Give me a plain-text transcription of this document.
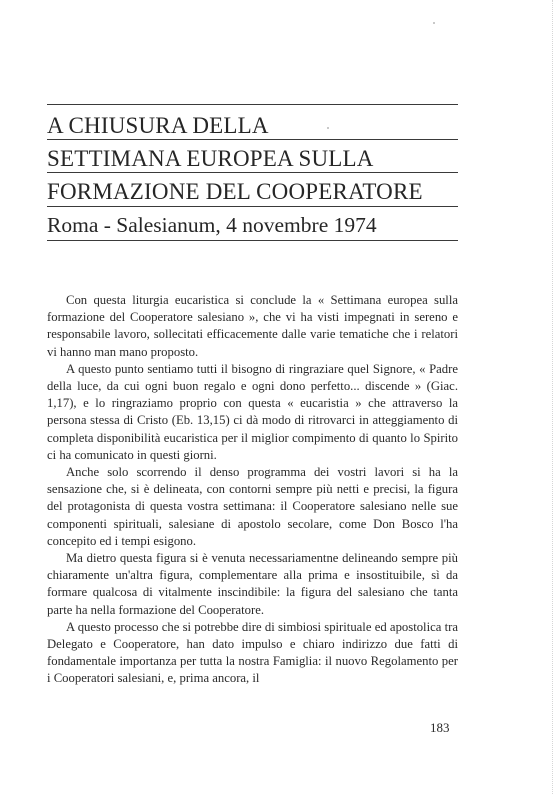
A CHIUSURA DELLA
SETTIMANA EUROPEA SULLA
FORMAZIONE DEL COOPERATORE
Roma - Salesianum, 4 novembre 1974

Con questa liturgia eucaristica si conclude la « Settimana europea sulla formazione del Cooperatore salesiano », che vi ha visti impegnati in sereno e responsabile lavoro, sollecitati efficacemente dalle varie tematiche che i relatori vi hanno man mano proposto.

A questo punto sentiamo tutti il bisogno di ringraziare quel Signore, « Padre della luce, da cui ogni buon regalo e ogni dono perfetto... discende » (Giac. 1,17), e lo ringraziamo proprio con questa « eucaristia » che attraverso la persona stessa di Cristo (Eb. 13,15) ci dà modo di ritrovarci in atteggiamento di completa disponibilità eucaristica per il miglior compimento di quanto lo Spirito ci ha comunicato in questi giorni.

Anche solo scorrendo il denso programma dei vostri lavori si ha la sensazione che, si è delineata, con contorni sempre più netti e precisi, la figura del protagonista di questa vostra settimana: il Cooperatore salesiano nelle sue componenti spirituali, salesiane di apostolo secolare, come Don Bosco l'ha concepito ed i tempi esigono.

Ma dietro questa figura si è venuta necessariamentne delineando sempre più chiaramente un'altra figura, complementare alla prima e insostituibile, sì da formare qualcosa di vitalmente inscindibile: la figura del salesiano che tanta parte ha nella formazione del Cooperatore.

A questo processo che si potrebbe dire di simbiosi spirituale ed apostolica tra Delegato e Cooperatore, han dato impulso e chiaro indirizzo due fatti di fondamentale importanza per tutta la nostra Famiglia: il nuovo Regolamento per i Cooperatori salesiani, e, prima ancora, il

183
